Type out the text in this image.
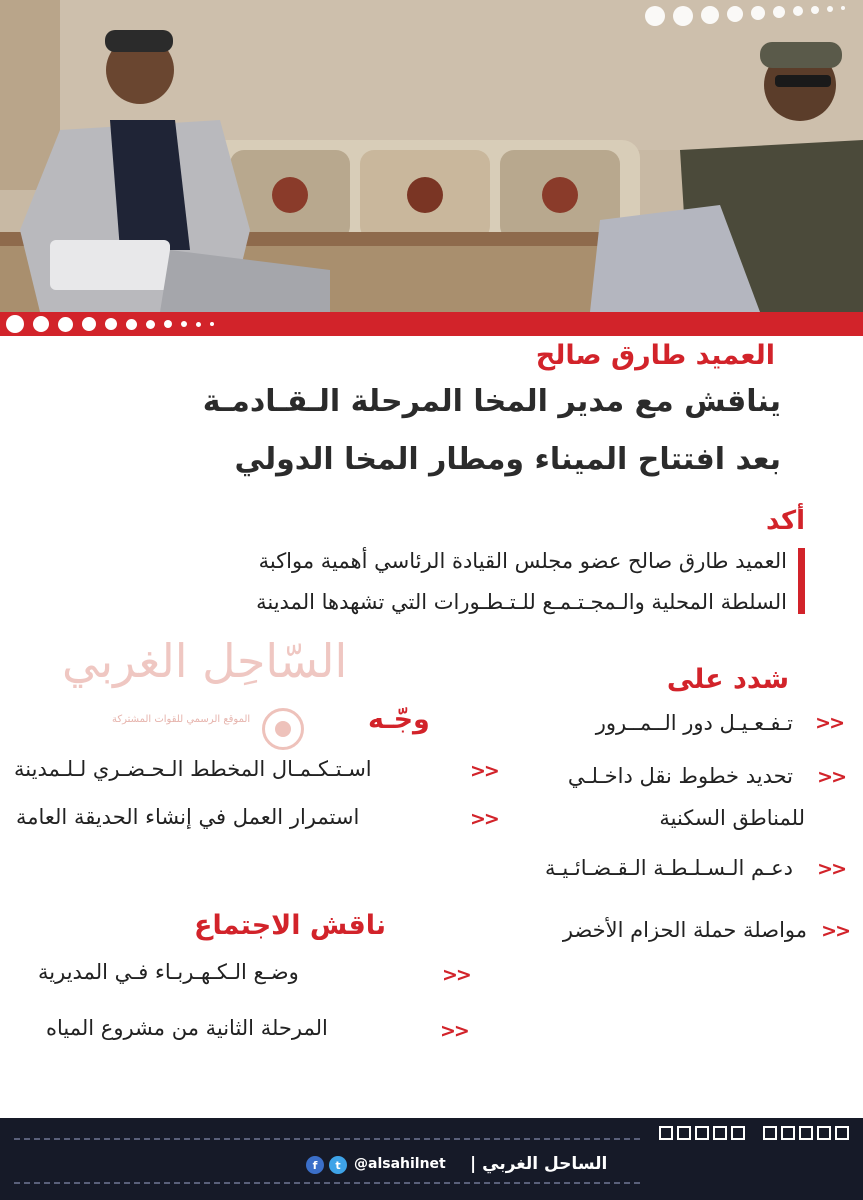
العميد طارق صالح
يناقش مع مدير المخا المرحلة الـقـادمـة
بعد افتتاح الميناء ومطار المخا الدولي
أكد
العميد طارق صالح عضو مجلس القيادة الرئاسي أهمية مواكبة
السلطة المحلية والـمجـتـمـع للـتـطـورات التي تشهدها المدينة
السّاحِل الغربي
الموقع الرسمي للقوات المشتركة
شدد على
>>
تـفـعـيـل دور الــمــرور
>>
تحديد خطوط نقل داخـلـي
للمناطق السكنية
>>
دعـم الـسـلـطـة الـقـضـائـيـة
>>
مواصلة حملة الحزام الأخضر
وجّـه
>>
اسـتـكـمـال المخطط الـحـضـري لـلـمدينة
>>
استمرار العمل في إنشاء الحديقة العامة
ناقش الاجتماع
>>
وضـع الـكـهـربـاء فـي المديرية
>>
المرحلة الثانية من مشروع المياه
الساحل الغربي |
@alsahilnet
f	t
